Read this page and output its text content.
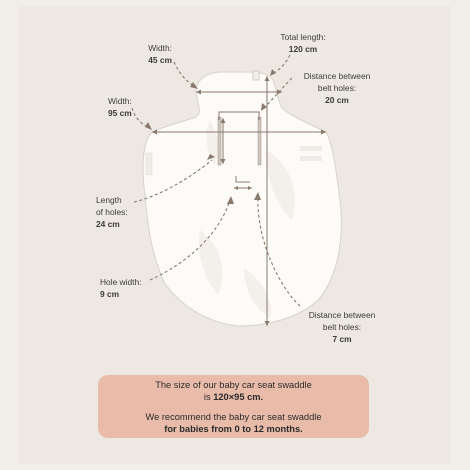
Width:
45 cm
Total length:
120 cm
Distance between
belt holes:
20 cm
Width:
95 cm
Length
of holes:
24 cm
Hole width:
9 cm
Distance between
belt holes:
7 cm

The size of our baby car seat swaddle

is 120×95 cm.

We recommend the baby car seat swaddle

for babies from 0 to 12 months.
